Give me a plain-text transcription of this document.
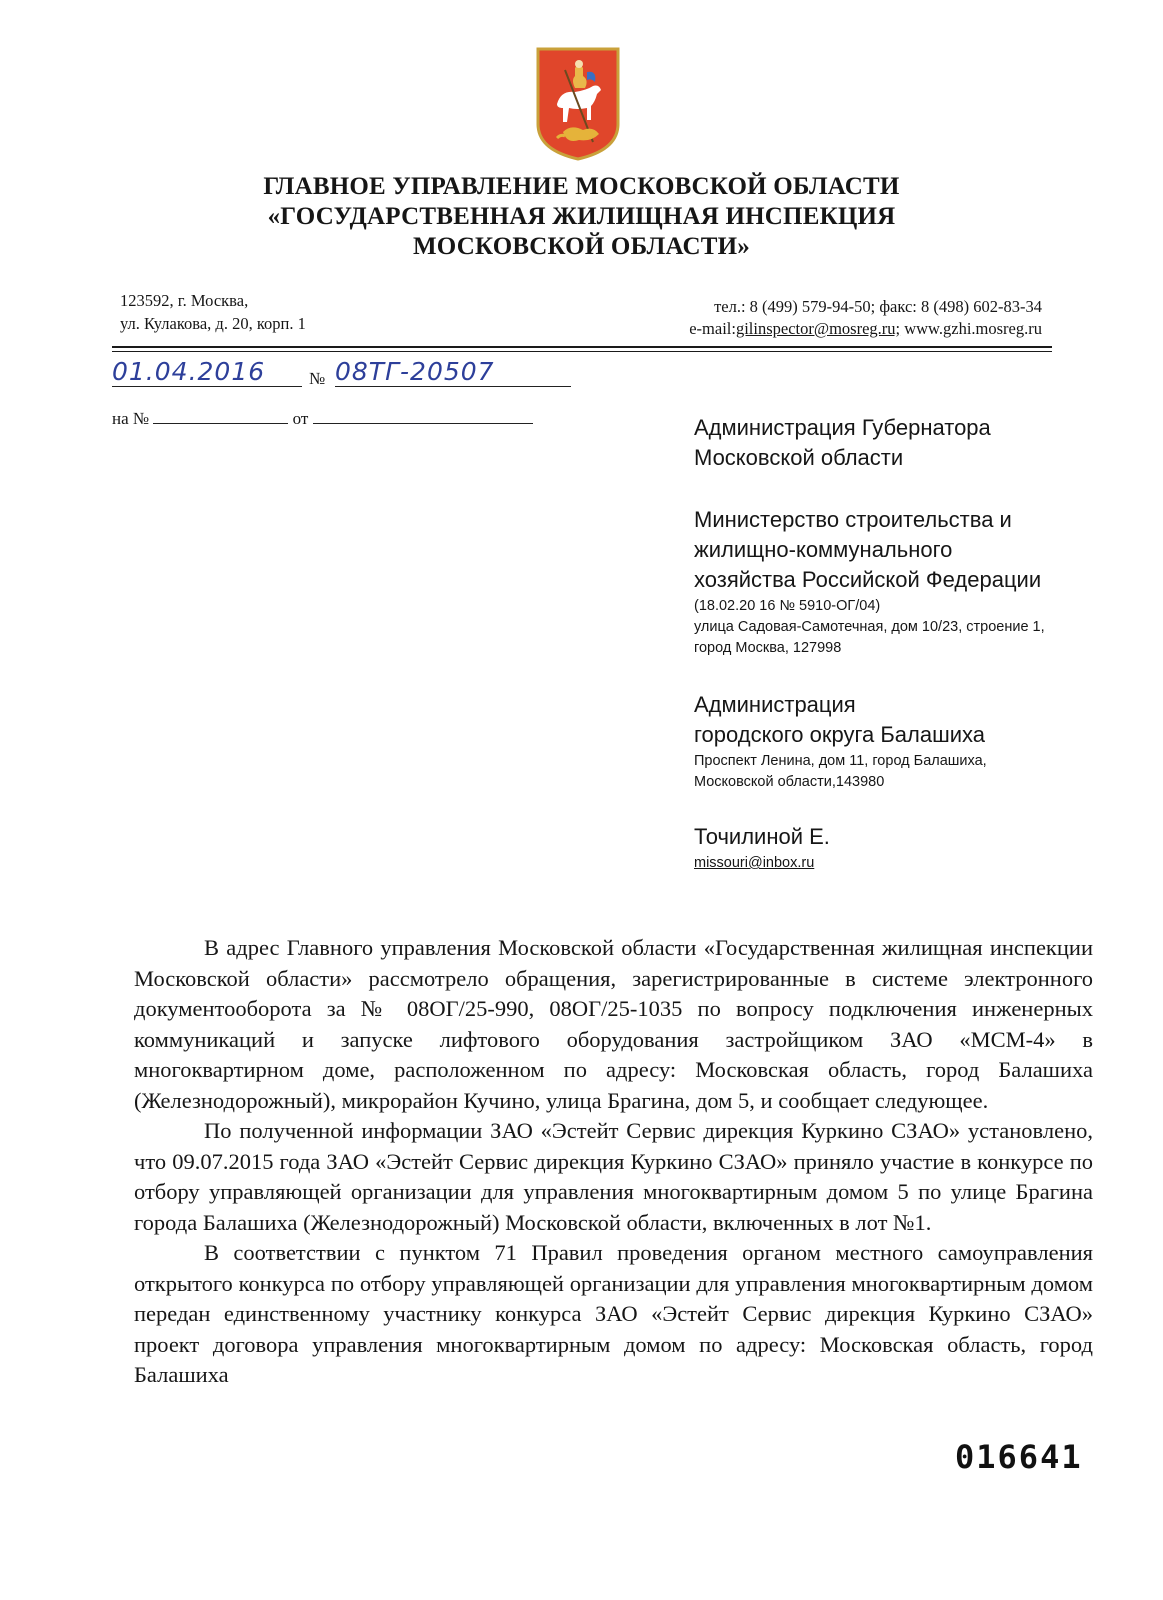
ГЛАВНОЕ УПРАВЛЕНИЕ МОСКОВСКОЙ ОБЛАСТИ
«ГОСУДАРСТВЕННАЯ ЖИЛИЩНАЯ ИНСПЕКЦИЯ
МОСКОВСКОЙ ОБЛАСТИ»
123592, г. Москва,
ул. Кулакова, д. 20, корп. 1
тел.: 8 (499) 579-94-50; факс: 8 (498) 602-83-34
e-mail:gilinspector@mosreg.ru; www.gzhi.mosreg.ru
01.04.2016	№ 08ТГ-20507
на №	от	Администрация Губернатора
Московской области
Министерство строительства и
жилищно-коммунального
хозяйства Российской Федерации
(18.02.20 16 № 5910-ОГ/04)
улица Садовая-Самотечная, дом 10/23, строение 1,
город Москва, 127998
Администрация
городского округа Балашиха
Проспект Ленина, дом 11, город Балашиха,
Московской области,143980
Точилиной Е.
missouri@inbox.ru

В адрес Главного управления Московской области «Государственная жилищная инспекции Московской области» рассмотрело обращения, зарегистрированные в системе электронного документооборота за № 08ОГ/25-990, 08ОГ/25-1035 по вопросу подключения инженерных коммуникаций и запуске лифтового оборудования застройщиком ЗАО «МСМ-4» в многоквартирном доме, расположенном по адресу: Московская область, город Балашиха (Железнодорожный), микрорайон Кучино, улица Брагина, дом 5, и сообщает следующее.

По полученной информации ЗАО «Эстейт Сервис дирекция Куркино СЗАО» установлено, что 09.07.2015 года ЗАО «Эстейт Сервис дирекция Куркино СЗАО» приняло участие в конкурсе по отбору управляющей организации для управления многоквартирным домом 5 по улице Брагина города Балашиха (Железнодорожный) Московской области, включенных в лот №1.

В соответствии с пунктом 71 Правил проведения органом местного самоуправления открытого конкурса по отбору управляющей организации для управления многоквартирным домом передан единственному участнику конкурса ЗАО «Эстейт Сервис дирекция Куркино СЗАО» проект договора управления многоквартирным домом по адресу: Московская область, город Балашиха

016641
